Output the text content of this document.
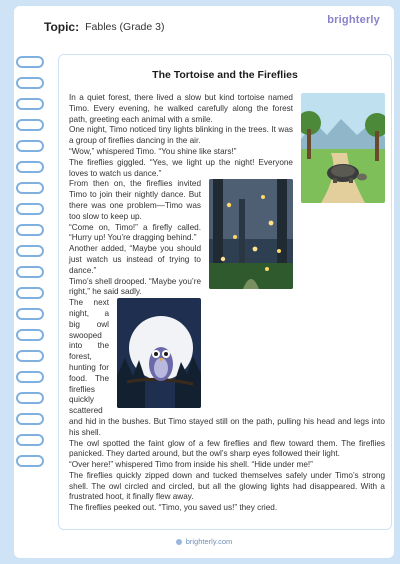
Topic: Fables (Grade 3)
brighterly
The Tortoise and the Fireflies

In a quiet forest, there lived a slow but kind tortoise named Timo. Every evening, he walked carefully along the forest path, greeting each animal with a smile.

One night, Timo noticed tiny lights blinking in the trees. It was a group of fireflies dancing in the air.

“Wow,” whispered Timo. “You shine like stars!”

The fireflies giggled. “Yes, we light up the night! Everyone loves to watch us dance.”

From then on, the fireflies invited Timo to join their nightly dance. But there was one problem—Timo was too slow to keep up.

“Come on, Timo!” a firefly called. “Hurry up! You’re dragging behind.”

Another added, “Maybe you should just watch us instead of trying to dance.”

Timo’s shell drooped. “Maybe you’re right,” he said sadly.

The next night, a big owl swooped into the forest, hunting for food. The fireflies quickly scattered and hid in the bushes. But Timo stayed still on the path, pulling his head and legs into his shell.

The owl spotted the faint glow of a few fireflies and flew toward them. The fireflies panicked. They darted around, but the owl’s sharp eyes followed their light.

“Over here!” whispered Timo from inside his shell. “Hide under me!”

The fireflies quickly zipped down and tucked themselves safely under Timo’s strong shell. The owl circled and circled, but all the glowing lights had disappeared. With a frustrated hoot, it finally flew away.

The fireflies peeked out. “Timo, you saved us!” they cried.

brighterly.com
